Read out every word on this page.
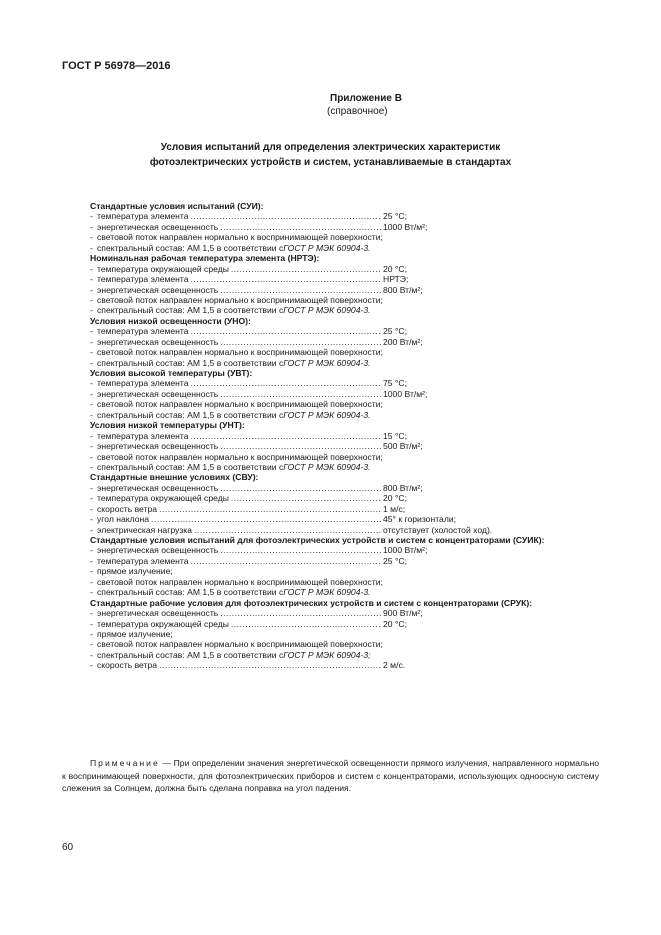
ГОСТ Р 56978—2016
Приложение В
(справочное)
Условия испытаний для определения электрических характеристик
фотоэлектрических устройств и систем, устанавливаемые в стандартах
Стандартные условия испытаний (СУИ):
- температура элемента .....	25 °С;
- энергетическая освещенность .....	1000 Вт/м²;
- световой поток направлен нормально к воспринимающей поверхности;
- спектральный состав: АМ 1,5 в соответствии с ГОСТ Р МЭК 60904-3.
Номинальная рабочая температура элемента (НРТЭ):
- температура окружающей среды .....	20 °С;
- температура элемента .....	НРТЭ;
- энергетическая освещенность .....	800 Вт/м²;
- световой поток направлен нормально к воспринимающей поверхности;
- спектральный состав: АМ 1,5 в соответствии с ГОСТ Р МЭК 60904-3.
Условия низкой освещенности (УНО):
- температура элемента .....	25 °С;
- энергетическая освещенность .....	200 Вт/м²;
- световой поток направлен нормально к воспринимающей поверхности;
- спектральный состав: АМ 1,5 в соответствии с ГОСТ Р МЭК 60904-3.
Условия высокой температуры (УВТ):
- температура элемента .....	75 °С;
- энергетическая освещенность .....	1000 Вт/м²;
- световой поток направлен нормально к воспринимающей поверхности;
- спектральный состав: АМ 1,5 в соответствии с ГОСТ Р МЭК 60904-3.
Условия низкой температуры (УНТ):
- температура элемента .....	15 °С;
- энергетическая освещенность .....	500 Вт/м²;
- световой поток направлен нормально к воспринимающей поверхности;
- спектральный состав: АМ 1,5 в соответствии с ГОСТ Р МЭК 60904-3.
Стандартные внешние условиях (СВУ):
- энергетическая освещенность .....	800 Вт/м²;
- температура окружающей среды .....	20 °С;
- скорость ветра .....	1 м/с;
- угол наклона .....	45° к горизонтали;
- электрическая нагрузка .....	отсутствует (холостой ход).
Стандартные условия испытаний для фотоэлектрических устройств и систем с концентраторами (СУИК):
- энергетическая освещенность .....	1000 Вт/м²;
- температура элемента .....	25 °С;
- прямое излучение;
- световой поток направлен нормально к воспринимающей поверхности;
- спектральный состав: АМ 1,5 в соответствии с ГОСТ Р МЭК 60904-3.
Стандартные рабочие условия для фотоэлектрических устройств и систем с концентраторами (СРУК):
- энергетическая освещенность .....	900 Вт/м²;
- температура окружающей среды .....	20 °С;
- прямое излучение;
- световой поток направлен нормально к воспринимающей поверхности;
- спектральный состав: АМ 1,5 в соответствии с ГОСТ Р МЭК 60904-3;
- скорость ветра .....	2 м/с.
Примечание — При определении значения энергетической освещенности прямого излучения, направленного нормально к воспринимающей поверхности, для фотоэлектрических приборов и систем с концентраторами, использующих одноосную систему слежения за Солнцем, должна быть сделана поправка на угол падения.
60
